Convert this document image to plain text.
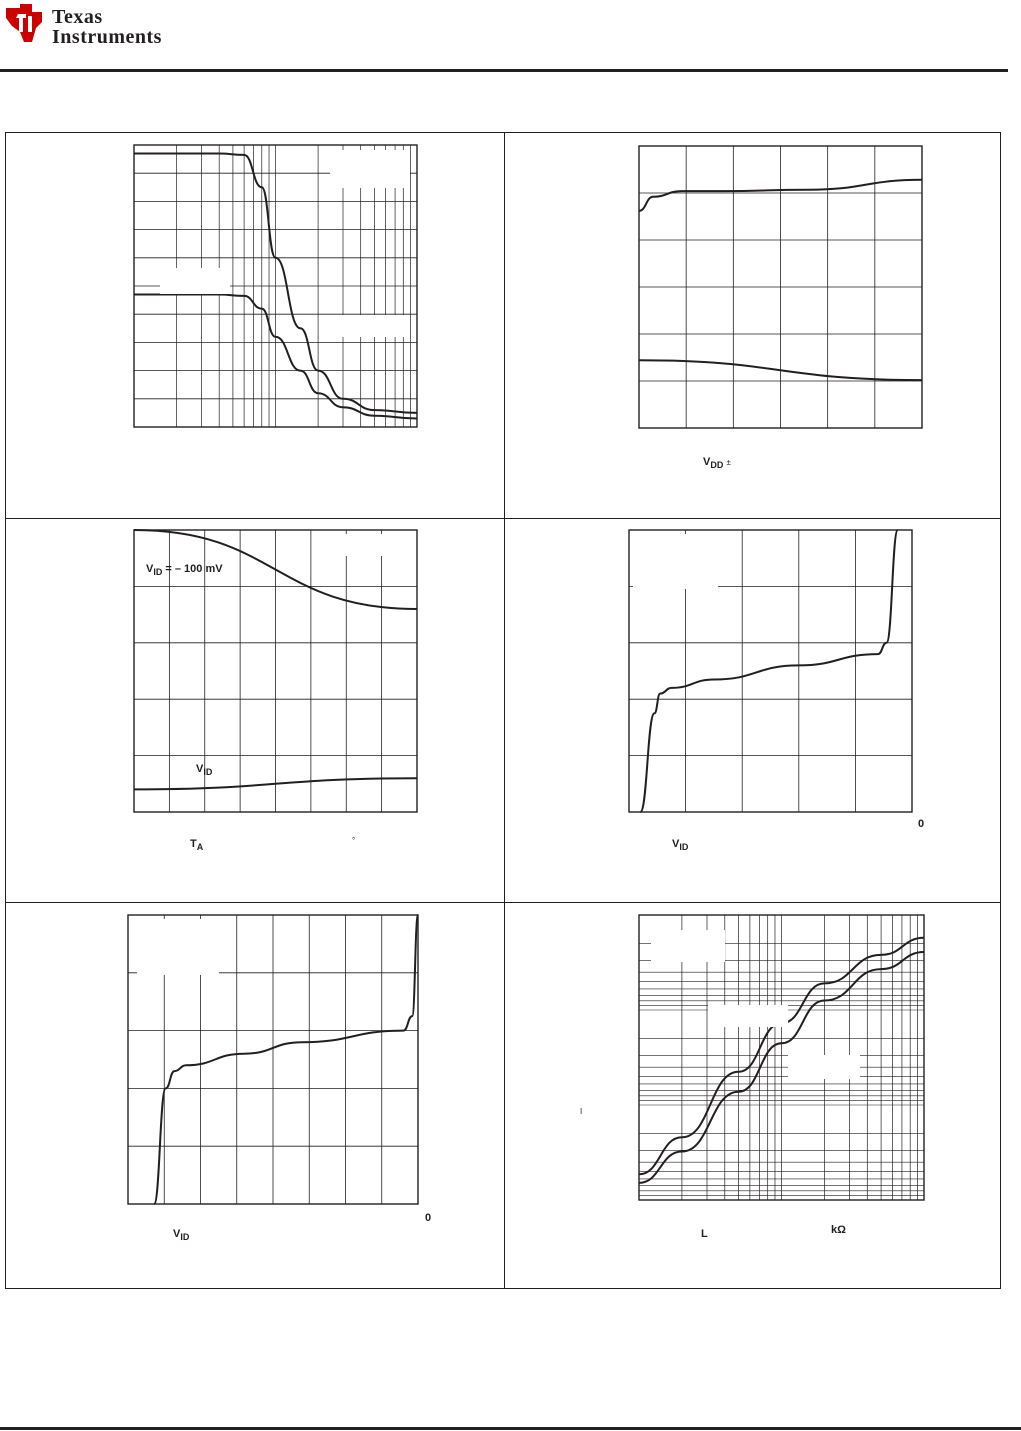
Texas
Instruments
$V_{DD}$ ±
$V_{ID}$ = – 100 mV
$V_{ID}$
$T_A$
°
0
$V_{ID}$
0
$V_{ID}$
I
L	kΩ
